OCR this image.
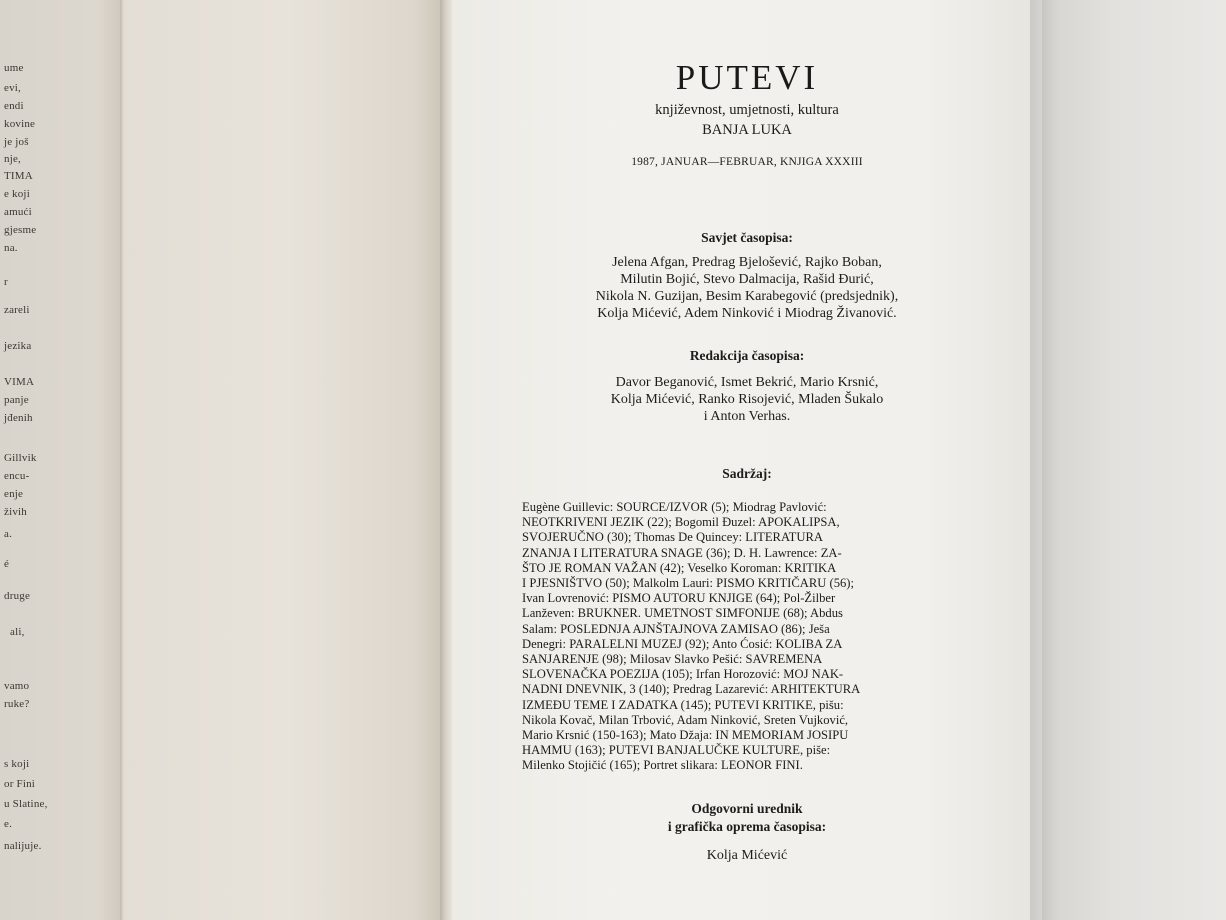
ume
evi,
endi
kovine
je još
nje,
TIMA
e koji
amući
gjesme
na.
r
zareli
jezika
VIMA
panje
jđenih
Gillvik
encu-
enje
živih
a.
é
druge
ali,
vamo
ruke?
s koji
or Fini
u Slatine,
e.
nalijuje.
PUTEVI
književnost, umjetnosti, kultura
BANJA LUKA
1987, JANUAR—FEBRUAR, KNJIGA XXXIII
Savjet časopisa:
Jelena Afgan, Predrag Bjelošević, Rajko Boban,
Milutin Bojić, Stevo Dalmacija, Rašid Đurić,
Nikola N. Guzijan, Besim Karabegović (predsjednik),
Kolja Mićević, Adem Ninković i Miodrag Živanović.
Redakcija časopisa:
Davor Beganović, Ismet Bekrić, Mario Krsnić,
Kolja Mićević, Ranko Risojević, Mladen Šukalo
i Anton Verhas.
Sadržaj:
Eugène Guillevic: SOURCE/IZVOR (5); Miodrag Pavlović:
NEOTKRIVENI JEZIK (22); Bogomil Đuzel: APOKALIPSA,
SVOJERUČNO (30); Thomas De Quincey: LITERATURA
ZNANJA I LITERATURA SNAGE (36); D. H. Lawrence: ZA-
ŠTO JE ROMAN VAŽAN (42); Veselko Koroman: KRITIKA
I PJESNIŠTVO (50); Malkolm Lauri: PISMO KRITIČARU (56);
Ivan Lovrenović: PISMO AUTORU KNJIGE (64); Pol-Žilber
Lanževen: BRUKNER. UMETNOST SIMFONIJE (68); Abdus
Salam: POSLEDNJA AJNŠTAJNOVA ZAMISAO (86); Ješa
Denegri: PARALELNI MUZEJ (92); Anto Ćosić: KOLIBA ZA
SANJARENJE (98); Milosav Slavko Pešić: SAVREMENA
SLOVENAČKA POEZIJA (105); Irfan Horozović: MOJ NAK-
NADNI DNEVNIK, 3 (140); Predrag Lazarević: ARHITEKTURA
IZMEĐU TEME I ZADATKA (145); PUTEVI KRITIKE, pišu:
Nikola Kovač, Milan Trbović, Adam Ninković, Sreten Vujković,
Mario Krsnić (150-163); Mato Džaja: IN MEMORIAM JOSIPU
HAMMU (163); PUTEVI BANJALUČKE KULTURE, piše:
Milenko Stojičić (165); Portret slikara: LEONOR FINI.
Odgovorni urednik
i grafička oprema časopisa:
Kolja Mićević
